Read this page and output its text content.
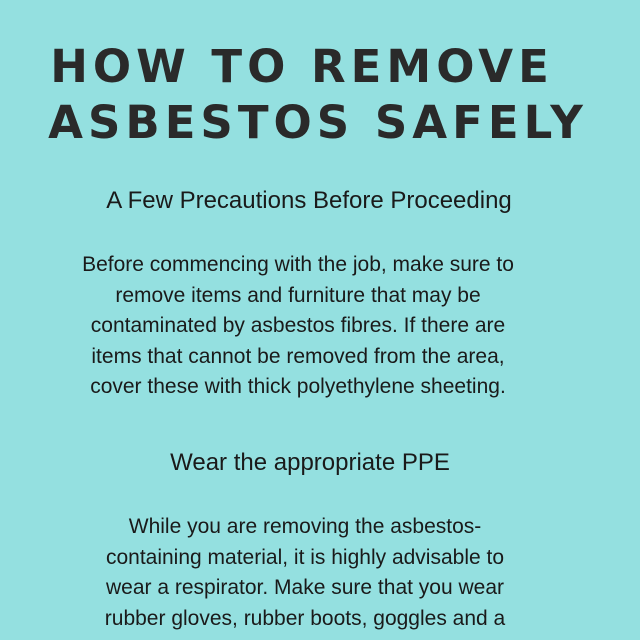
HOW TO REMOVE
ASBESTOS SAFELY
A Few Precautions Before Proceeding
Before commencing with the job, make sure to
remove items and furniture that may be
contaminated by asbestos fibres. If there are
items that cannot be removed from the area,
cover these with thick polyethylene sheeting.
Wear the appropriate PPE
While you are removing the asbestos-
containing material, it is highly advisable to
wear a respirator. Make sure that you wear
rubber gloves, rubber boots, goggles and a
